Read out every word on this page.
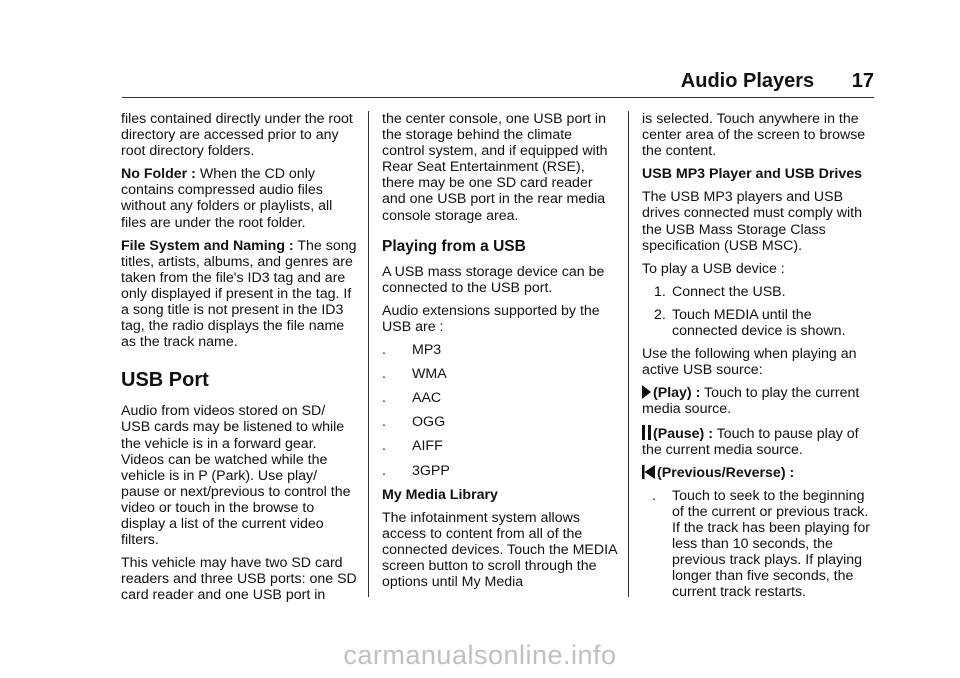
Audio Players 17

files contained directly under the root directory are accessed prior to any root directory folders.

No Folder : When the CD only contains compressed audio files without any folders or playlists, all files are under the root folder.

File System and Naming : The song titles, artists, albums, and genres are taken from the file's ID3 tag and are only displayed if present in the tag. If a song title is not present in the ID3 tag, the radio displays the file name as the track name.

USB Port

Audio from videos stored on SD/ USB cards may be listened to while the vehicle is in a forward gear. Videos can be watched while the vehicle is in P (Park). Use play/ pause or next/previous to control the video or touch in the browse to display a list of the current video filters.

This vehicle may have two SD card readers and three USB ports: one SD card reader and one USB port in

the center console, one USB port in the storage behind the climate control system, and if equipped with Rear Seat Entertainment (RSE), there may be one SD card reader and one USB port in the rear media console storage area.

Playing from a USB

A USB mass storage device can be connected to the USB port.

Audio extensions supported by the USB are :

. MP3
. WMA
. AAC
. OGG
. AIFF
. 3GPP

My Media Library

The infotainment system allows access to content from all of the connected devices. Touch the MEDIA screen button to scroll through the options until My Media

is selected. Touch anywhere in the center area of the screen to browse the content.

USB MP3 Player and USB Drives

The USB MP3 players and USB drives connected must comply with the USB Mass Storage Class specification (USB MSC).

To play a USB device :

1. Connect the USB.
2. Touch MEDIA until the connected device is shown.

Use the following when playing an active USB source:

(Play) : Touch to play the current media source.

(Pause) : Touch to pause play of the current media source.

(Previous/Reverse) :

. Touch to seek to the beginning of the current or previous track. If the track has been playing for less than 10 seconds, the previous track plays. If playing longer than five seconds, the current track restarts.
carmanualsonline.info
